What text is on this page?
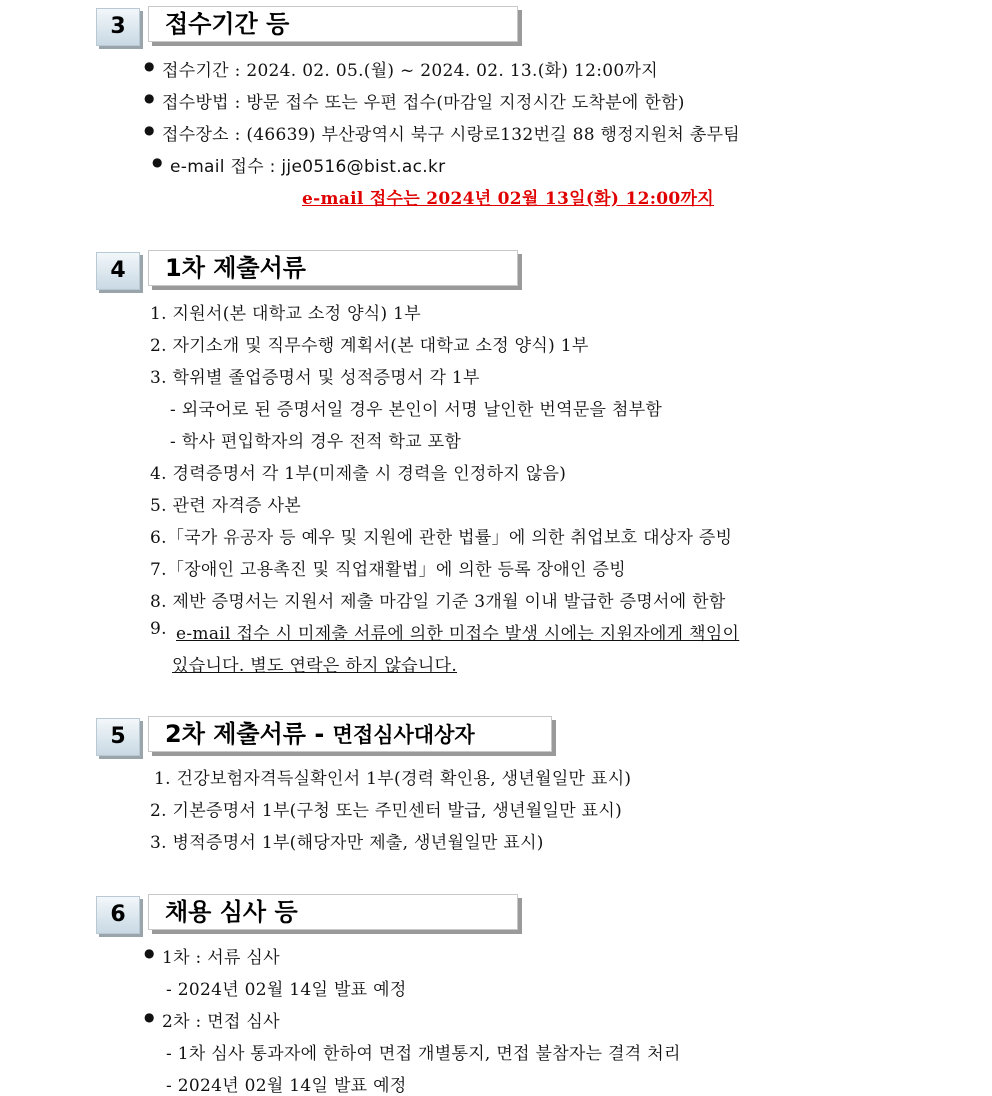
3	접수기간 등
● 접수기간 : 2024. 02. 05.(월) ~ 2024. 02. 13.(화) 12:00까지
● 접수방법 : 방문 접수 또는 우편 접수(마감일 지정시간 도착분에 한함)
● 접수장소 : (46639) 부산광역시 북구 시랑로132번길 88 행정지원처 총무팀
● e-mail 접수 : jje0516@bist.ac.kr
e-mail 접수는 2024년 02월 13일(화) 12:00까지
4	1차 제출서류
1. 지원서(본 대학교 소정 양식) 1부
2. 자기소개 및 직무수행 계획서(본 대학교 소정 양식) 1부
3. 학위별 졸업증명서 및 성적증명서 각 1부
- 외국어로 된 증명서일 경우 본인이 서명 날인한 번역문을 첨부함
- 학사 편입학자의 경우 전적 학교 포함
4. 경력증명서 각 1부(미제출 시 경력을 인정하지 않음)
5. 관련 자격증 사본
6.「국가 유공자 등 예우 및 지원에 관한 법률」에 의한 취업보호 대상자 증빙
7.「장애인 고용촉진 및 직업재활법」에 의한 등록 장애인 증빙
8. 제반 증명서는 지원서 제출 마감일 기준 3개월 이내 발급한 증명서에 한함
9. e-mail 접수 시 미제출 서류에 의한 미접수 발생 시에는 지원자에게 책임이
있습니다. 별도 연락은 하지 않습니다.
5	2차 제출서류 - 면접심사대상자
1. 건강보험자격득실확인서 1부(경력 확인용, 생년월일만 표시)
2. 기본증명서 1부(구청 또는 주민센터 발급, 생년월일만 표시)
3. 병적증명서 1부(해당자만 제출, 생년월일만 표시)
6	채용 심사 등
● 1차 : 서류 심사
- 2024년 02월 14일 발표 예정
● 2차 : 면접 심사
- 1차 심사 통과자에 한하여 면접 개별통지, 면접 불참자는 결격 처리
- 2024년 02월 14일 발표 예정
